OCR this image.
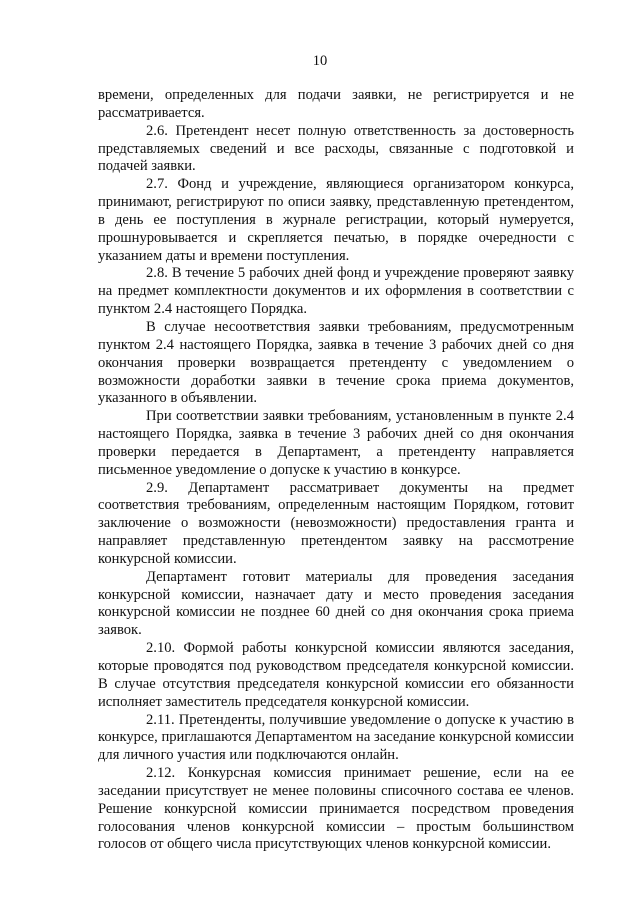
10

времени, определенных для подачи заявки, не регистрируется и не рассматривается.

2.6. Претендент несет полную ответственность за достоверность представляемых сведений и все расходы, связанные с подготовкой и подачей заявки.

2.7. Фонд и учреждение, являющиеся организатором конкурса, принимают, регистрируют по описи заявку, представленную претендентом, в день ее поступления в журнале регистрации, который нумеруется, прошнуровывается и скрепляется печатью, в порядке очередности с указанием даты и времени поступления.

2.8. В течение 5 рабочих дней фонд и учреждение проверяют заявку на предмет комплектности документов и их оформления в соответствии с пунктом 2.4 настоящего Порядка.

В случае несоответствия заявки требованиям, предусмотренным пунктом 2.4 настоящего Порядка, заявка в течение 3 рабочих дней со дня окончания проверки возвращается претенденту с уведомлением о возможности доработки заявки в течение срока приема документов, указанного в объявлении.

При соответствии заявки требованиям, установленным в пункте 2.4 настоящего Порядка, заявка в течение 3 рабочих дней со дня окончания проверки передается в Департамент, а претенденту направляется письменное уведомление о допуске к участию в конкурсе.

2.9. Департамент рассматривает документы на предмет соответствия требованиям, определенным настоящим Порядком, готовит заключение о возможности (невозможности) предоставления гранта и направляет представленную претендентом заявку на рассмотрение конкурсной комиссии.

Департамент готовит материалы для проведения заседания конкурсной комиссии, назначает дату и место проведения заседания конкурсной комиссии не позднее 60 дней со дня окончания срока приема заявок.

2.10. Формой работы конкурсной комиссии являются заседания, которые проводятся под руководством председателя конкурсной комиссии. В случае отсутствия председателя конкурсной комиссии его обязанности исполняет заместитель председателя конкурсной комиссии.

2.11. Претенденты, получившие уведомление о допуске к участию в конкурсе, приглашаются Департаментом на заседание конкурсной комиссии для личного участия или подключаются онлайн.

2.12. Конкурсная комиссия принимает решение, если на ее заседании присутствует не менее половины списочного состава ее членов. Решение конкурсной комиссии принимается посредством проведения голосования членов конкурсной комиссии – простым большинством голосов от общего числа присутствующих членов конкурсной комиссии.
